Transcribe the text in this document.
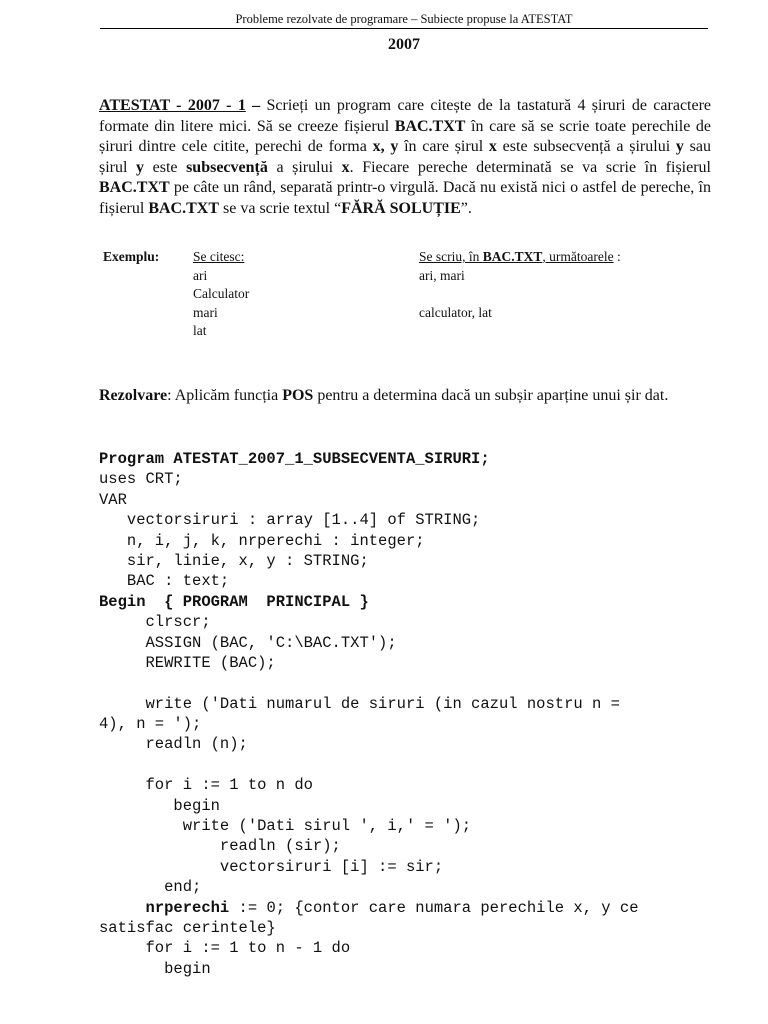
Probleme rezolvate de programare – Subiecte propuse la ATESTAT
2007
ATESTAT - 2007 - 1 – Scrieți un program care citește de la tastatură 4 șiruri de caractere formate din litere mici. Să se creeze fișierul BAC.TXT în care să se scrie toate perechile de șiruri dintre cele citite, perechi de forma x, y în care șirul x este subsecvență a șirului y sau șirul y este subsecvență a șirului x. Fiecare pereche determinată se va scrie în fișierul BAC.TXT pe câte un rând, separată printr-o virgulă. Dacă nu există nici o astfel de pereche, în fișierul BAC.TXT se va scrie textul “FĂRĂ SOLUȚIE”.
Exemplu: Se citesc:
ari
Calculator
mari
lat
Se scriu, în BAC.TXT, următoarele :
ari, mari
calculator, lat
Rezolvare: Aplicăm funcția POS pentru a determina dacă un subșir aparține unui șir dat.
Program ATESTAT_2007_1_SUBSECVENTA_SIRURI;
uses CRT;
VAR
vectorsiruri : array [1..4] of STRING;
n, i, j, k, nrperechi : integer;
sir, linie, x, y : STRING;
BAC : text;
Begin  { PROGRAM  PRINCIPAL }
clrscr;
ASSIGN (BAC, 'C:\BAC.TXT');
REWRITE (BAC);
write ('Dati numarul de siruri (in cazul nostru n =
4), n = ');
readln (n);
for i := 1 to n do
begin
write ('Dati sirul ', i,' = ');
readln (sir);
vectorsiruri [i] := sir;
end;
nrperechi := 0; {contor care numara perechile x, y ce
satisfac cerintele}
for i := 1 to n - 1 do
begin
